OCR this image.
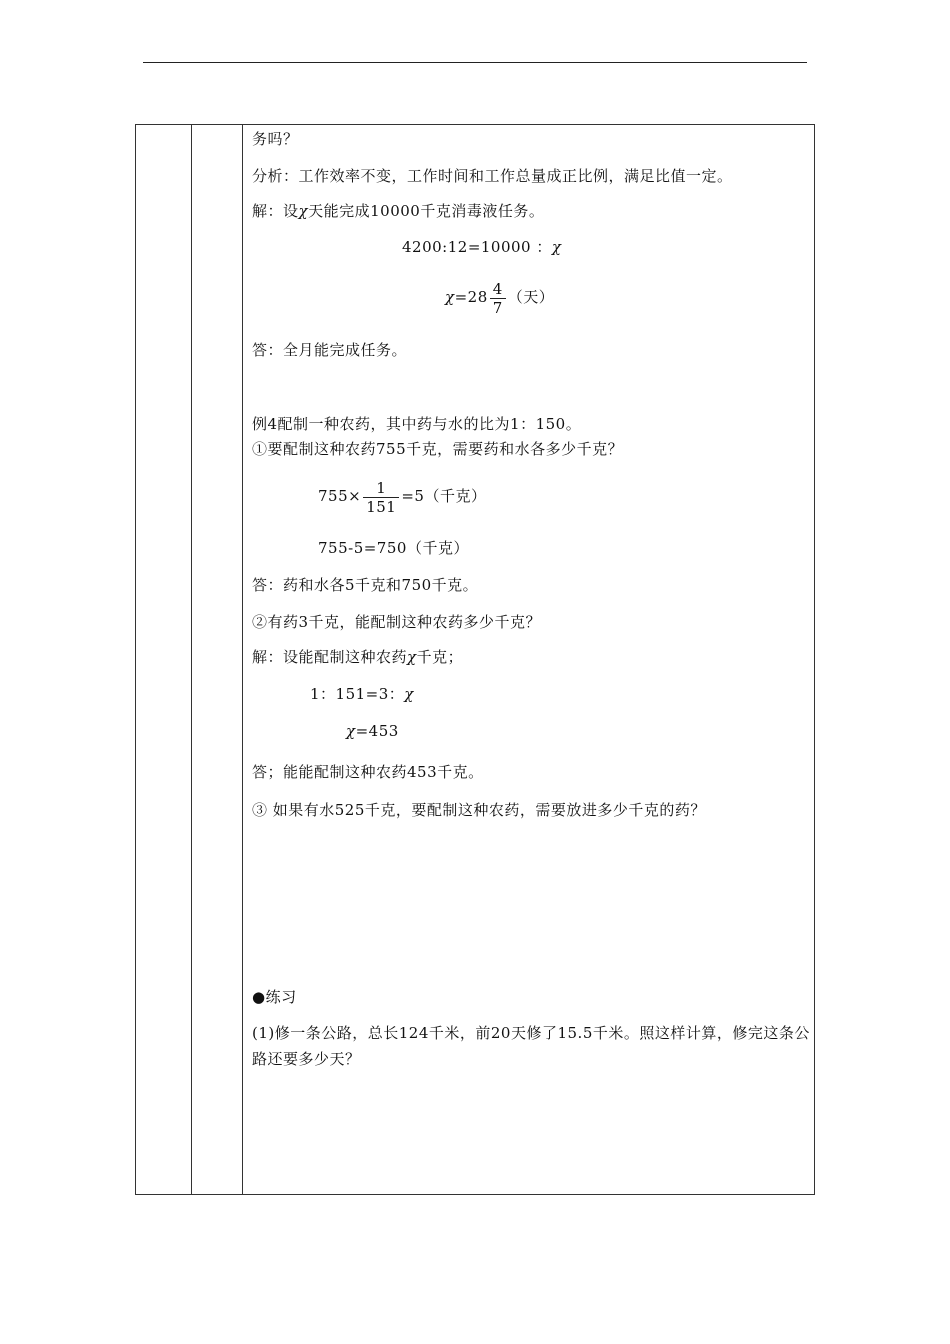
务吗？
分析：工作效率不变，工作时间和工作总量成正比例，满足比值一定。
解：设χ天能完成10000千克消毒液任务。
4200:12=10000 ：χ
$\chi=28 \frac{4}{7}$ （天）
答：全月能完成任务。
例4配制一种农药，其中药与水的比为1：150。
①要配制这种农药755千克，需要药和水各多少千克？
$755\times \frac{1}{151} =5$（千克）
755-5=750（千克）
答：药和水各5千克和750千克。
②有药3千克，能配制这种农药多少千克？
解：设能配制这种农药χ千克；
1：151=3：χ
χ=453
答；能能配制这种农药453千克。
③ 如果有水525千克，要配制这种农药，需要放进多少千克的药？
●练习
(1)修一条公路，总长124千米，前20天修了15.5千米。照这样计算，修完这条公路还要多少天？
